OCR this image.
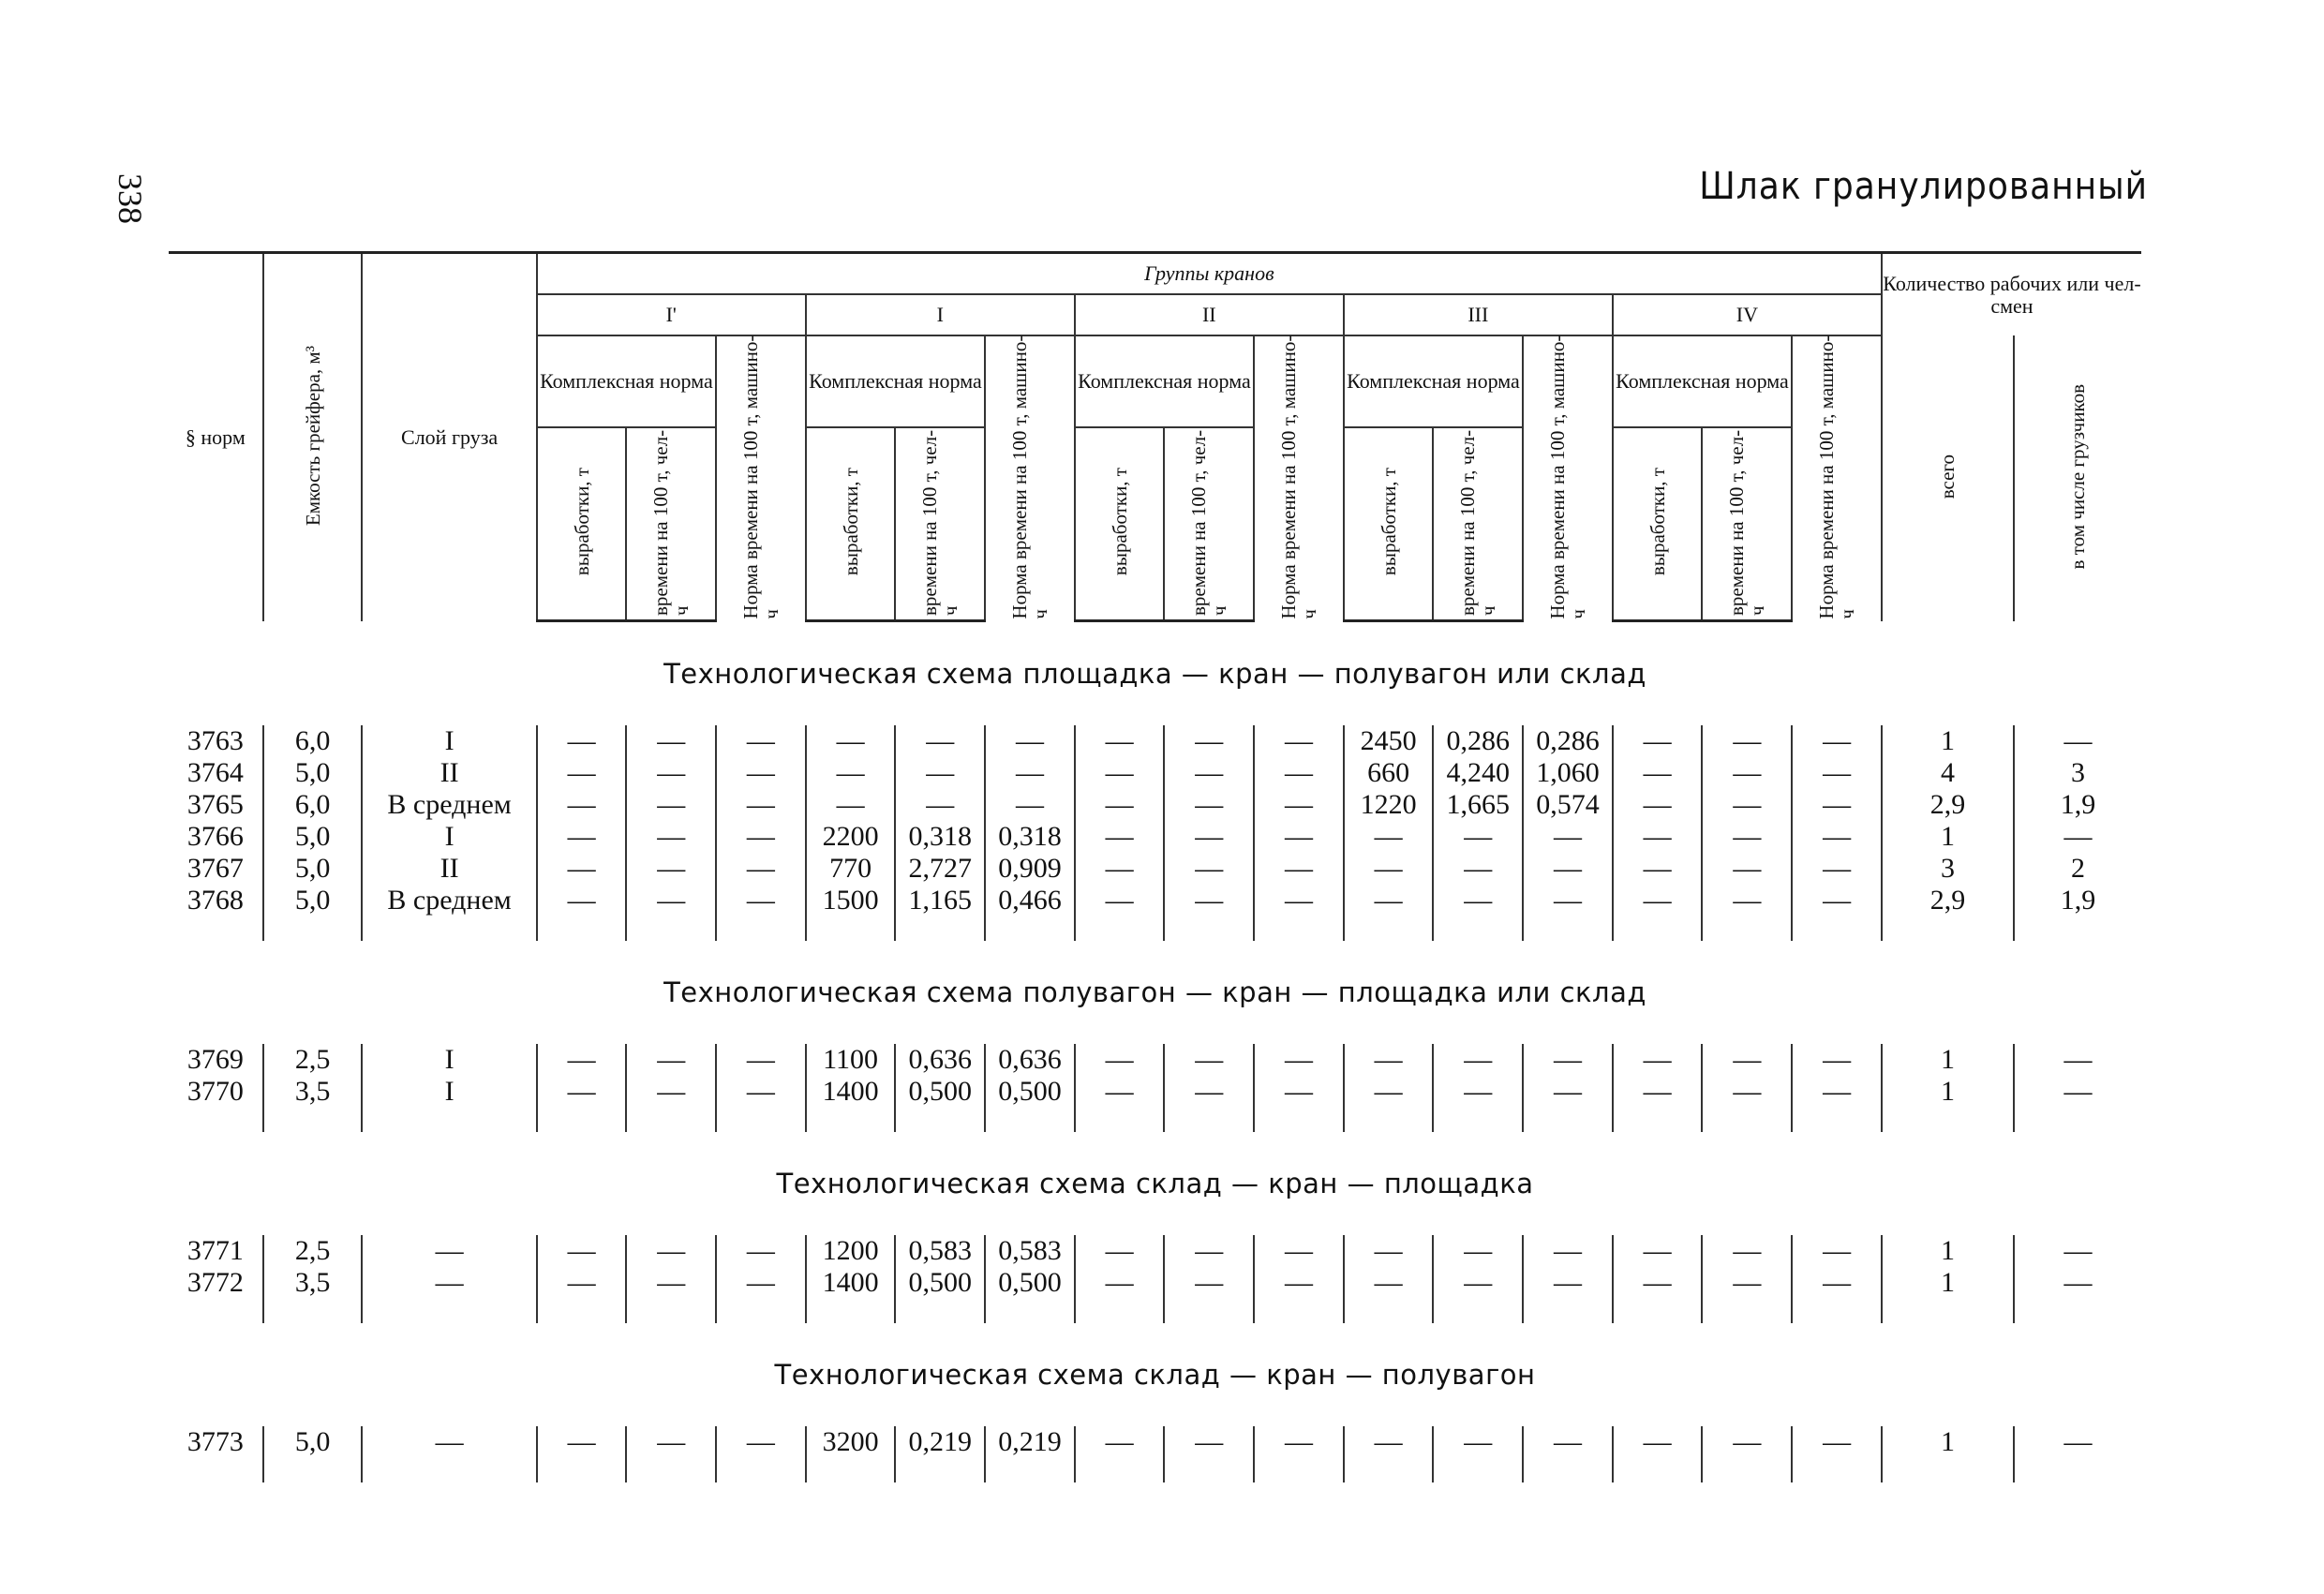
338	Шлак гранулированный
§ норм	Емкость грейфера, м³	Слой груза	Группы кранов															Количество рабочих или чел-смен	
			I'			I			II			III			IV				
			Комплексная норма		Норма времени на 100 т, машино-ч	Комплексная норма		Норма времени на 100 т, машино-ч	Комплексная норма		Норма времени на 100 т, машино-ч	Комплексная норма		Норма времени на 100 т, машино-ч	Комплексная норма		Норма времени на 100 т, машино-ч	всего	в том числе грузчиков
			выработки, т	времени на 100 т, чел-ч		выработки, т	времени на 100 т, чел-ч		выработки, т	времени на 100 т, чел-ч		выработки, т	времени на 100 т, чел-ч		выработки, т	времени на 100 т, чел-ч			
Технологическая схема площадка — кран — полувагон или склад																			
3763	6,0	I	—	—	—	—	—	—	—	—	—	2450	0,286	0,286	—	—	—	1	—
3764	5,0	II	—	—	—	—	—	—	—	—	—	660	4,240	1,060	—	—	—	4	3
3765	6,0	В среднем	—	—	—	—	—	—	—	—	—	1220	1,665	0,574	—	—	—	2,9	1,9
3766	5,0	I	—	—	—	2200	0,318	0,318	—	—	—	—	—	—	—	—	—	1	—
3767	5,0	II	—	—	—	770	2,727	0,909	—	—	—	—	—	—	—	—	—	3	2
3768	5,0	В среднем	—	—	—	1500	1,165	0,466	—	—	—	—	—	—	—	—	—	2,9	1,9

Технологическая схема полувагон — кран — площадка или склад																			
3769	2,5	I	—	—	—	1100	0,636	0,636	—	—	—	—	—	—	—	—	—	1	—
3770	3,5	I	—	—	—	1400	0,500	0,500	—	—	—	—	—	—	—	—	—	1	—

Технологическая схема склад — кран — площадка																			
3771	2,5	—	—	—	—	1200	0,583	0,583	—	—	—	—	—	—	—	—	—	1	—
3772	3,5	—	—	—	—	1400	0,500	0,500	—	—	—	—	—	—	—	—	—	1	—

Технологическая схема склад — кран — полувагон																			
3773	5,0	—	—	—	—	3200	0,219	0,219	—	—	—	—	—	—	—	—	—	1	—
